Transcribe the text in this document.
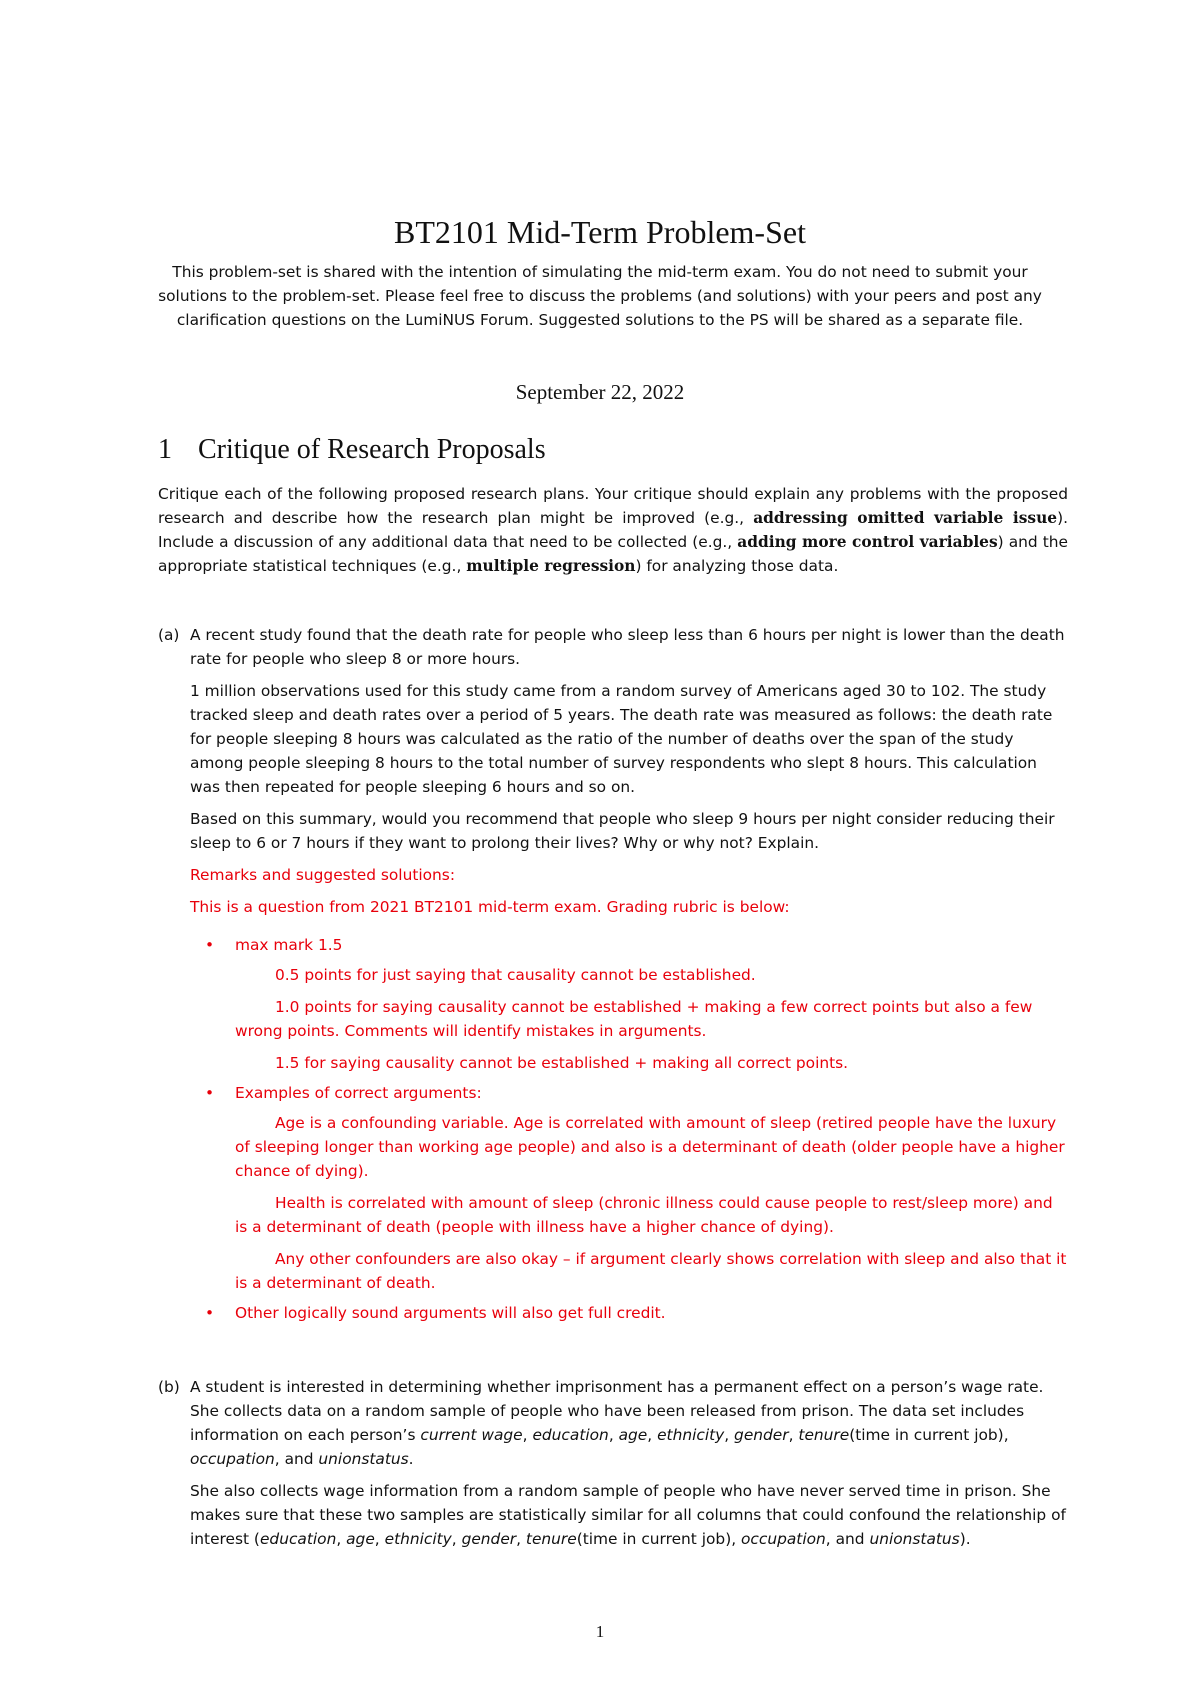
BT2101 Mid-Term Problem-Set
This problem-set is shared with the intention of simulating the mid-term exam. You do not need to submit your solutions to the problem-set. Please feel free to discuss the problems (and solutions) with your peers and post any clarification questions on the LumiNUS Forum. Suggested solutions to the PS will be shared as a separate file.
September 22, 2022
1 Critique of Research Proposals
Critique each of the following proposed research plans. Your critique should explain any problems with the proposed research and describe how the research plan might be improved (e.g., addressing omitted variable issue). Include a discussion of any additional data that need to be collected (e.g., adding more control variables) and the appropriate statistical techniques (e.g., multiple regression) for analyzing those data.
(a) A recent study found that the death rate for people who sleep less than 6 hours per night is lower than the death rate for people who sleep 8 or more hours.

1 million observations used for this study came from a random survey of Americans aged 30 to 102. The study tracked sleep and death rates over a period of 5 years. The death rate was measured as follows: the death rate for people sleeping 8 hours was calculated as the ratio of the number of deaths over the span of the study among people sleeping 8 hours to the total number of survey respondents who slept 8 hours. This calculation was then repeated for people sleeping 6 hours and so on.

Based on this summary, would you recommend that people who sleep 9 hours per night consider reducing their sleep to 6 or 7 hours if they want to prolong their lives? Why or why not? Explain.

Remarks and suggested solutions:

This is a question from 2021 BT2101 mid-term exam. Grading rubric is below:

• max mark 1.5

0.5 points for just saying that causality cannot be established.

1.0 points for saying causality cannot be established + making a few correct points but also a few wrong points. Comments will identify mistakes in arguments.

1.5 for saying causality cannot be established + making all correct points.

• Examples of correct arguments:

Age is a confounding variable. Age is correlated with amount of sleep (retired people have the luxury of sleeping longer than working age people) and also is a determinant of death (older people have a higher chance of dying).

Health is correlated with amount of sleep (chronic illness could cause people to rest/sleep more) and is a determinant of death (people with illness have a higher chance of dying).

Any other confounders are also okay – if argument clearly shows correlation with sleep and also that it is a determinant of death.

• Other logically sound arguments will also get full credit.

(b) A student is interested in determining whether imprisonment has a permanent effect on a person’s wage rate. She collects data on a random sample of people who have been released from prison. The data set includes information on each person’s current wage, education, age, ethnicity, gender, tenure(time in current job), occupation, and unionstatus.

She also collects wage information from a random sample of people who have never served time in prison. She makes sure that these two samples are statistically similar for all columns that could confound the relationship of interest (education, age, ethnicity, gender, tenure(time in current job), occupation, and unionstatus).

1
